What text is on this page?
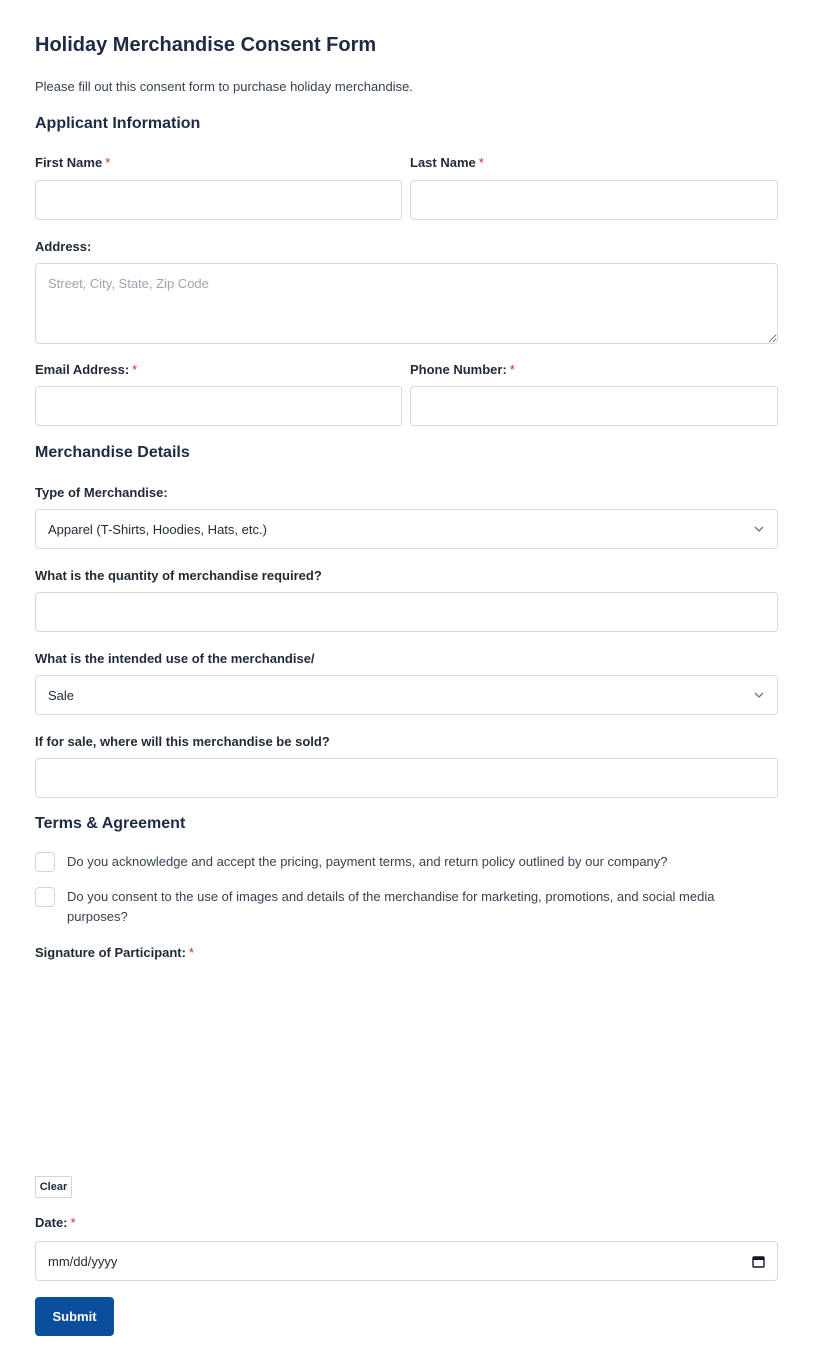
Holiday Merchandise Consent Form
Please fill out this consent form to purchase holiday merchandise.
Applicant Information
First Name *	Last Name *
Address:
Street, City, State, Zip Code
Email Address: *	Phone Number: *
Merchandise Details
Type of Merchandise:
Apparel (T-Shirts, Hoodies, Hats, etc.)
What is the quantity of merchandise required?
What is the intended use of the merchandise/
Sale
If for sale, where will this merchandise be sold?
Terms & Agreement
Do you acknowledge and accept the pricing, payment terms, and return policy outlined by our company?
Do you consent to the use of images and details of the merchandise for marketing, promotions, and social media purposes?
Signature of Participant: *
Clear
Date: *
mm/dd/yyyy
Submit
